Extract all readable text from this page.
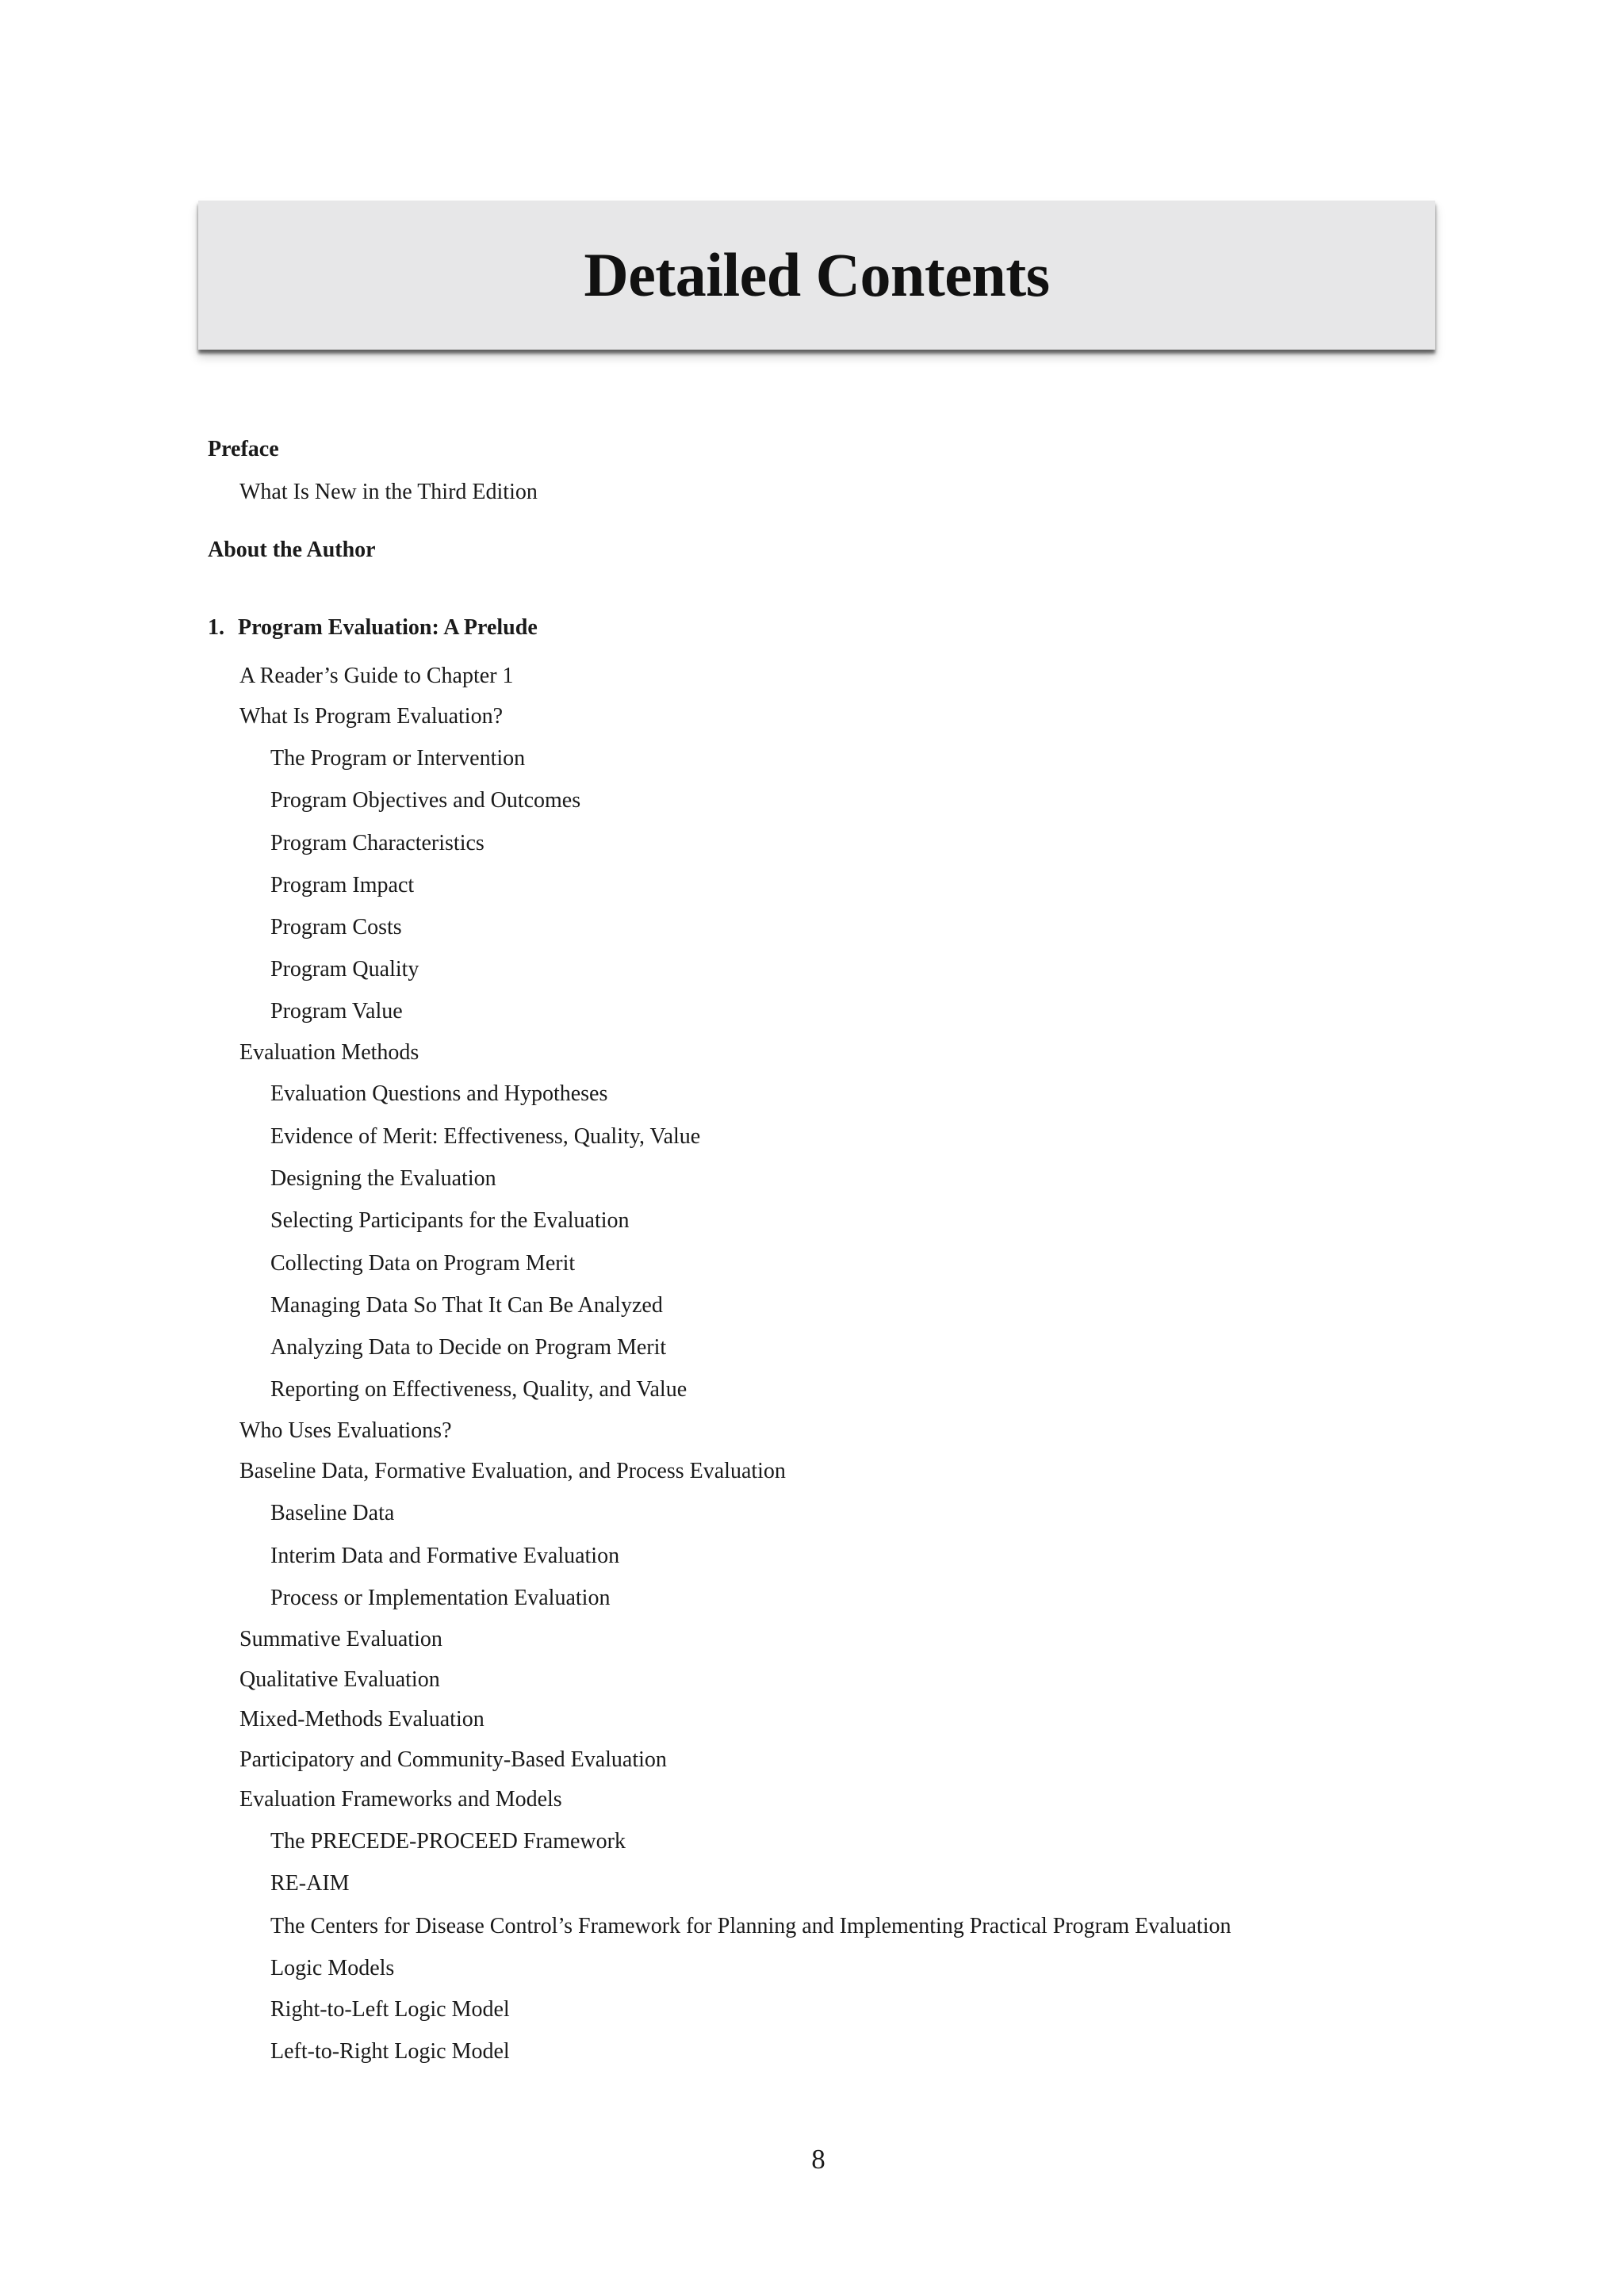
Detailed Contents
Preface
What Is New in the Third Edition
About the Author
1. Program Evaluation: A Prelude
A Reader’s Guide to Chapter 1
What Is Program Evaluation?
The Program or Intervention
Program Objectives and Outcomes
Program Characteristics
Program Impact
Program Costs
Program Quality
Program Value
Evaluation Methods
Evaluation Questions and Hypotheses
Evidence of Merit: Effectiveness, Quality, Value
Designing the Evaluation
Selecting Participants for the Evaluation
Collecting Data on Program Merit
Managing Data So That It Can Be Analyzed
Analyzing Data to Decide on Program Merit
Reporting on Effectiveness, Quality, and Value
Who Uses Evaluations?
Baseline Data, Formative Evaluation, and Process Evaluation
Baseline Data
Interim Data and Formative Evaluation
Process or Implementation Evaluation
Summative Evaluation
Qualitative Evaluation
Mixed-Methods Evaluation
Participatory and Community-Based Evaluation
Evaluation Frameworks and Models
The PRECEDE-PROCEED Framework
RE-AIM
The Centers for Disease Control’s Framework for Planning and Implementing Practical Program Evaluation
Logic Models
Right-to-Left Logic Model
Left-to-Right Logic Model
8
